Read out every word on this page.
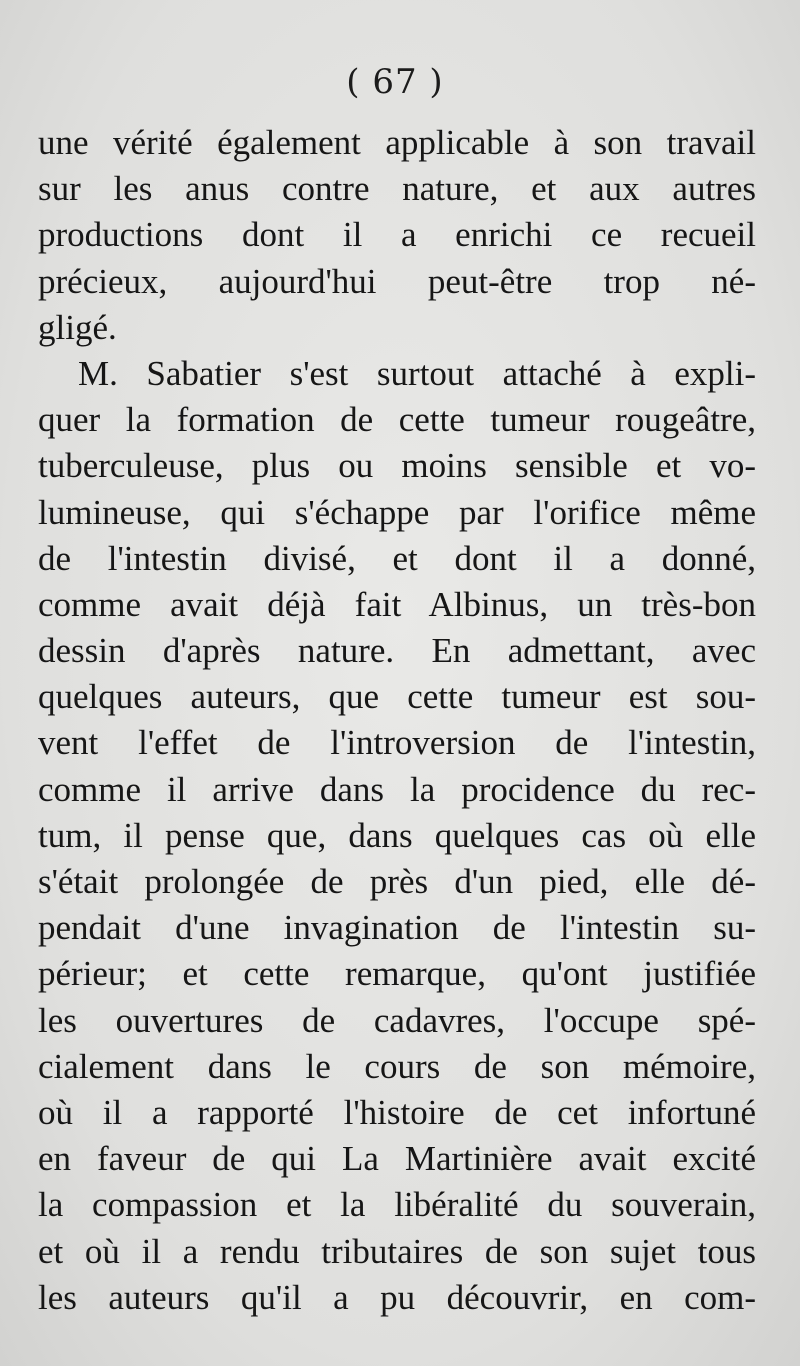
( 67 )
une vérité également applicable à son travail
sur les anus contre nature, et aux autres
productions dont il a enrichi ce recueil
précieux, aujourd'hui peut-être trop né-
gligé.
M. Sabatier s'est surtout attaché à expli-
quer la formation de cette tumeur rougeâtre,
tuberculeuse, plus ou moins sensible et vo-
lumineuse, qui s'échappe par l'orifice même
de l'intestin divisé, et dont il a donné,
comme avait déjà fait Albinus, un très-bon
dessin d'après nature. En admettant, avec
quelques auteurs, que cette tumeur est sou-
vent l'effet de l'introversion de l'intestin,
comme il arrive dans la procidence du rec-
tum, il pense que, dans quelques cas où elle
s'était prolongée de près d'un pied, elle dé-
pendait d'une invagination de l'intestin su-
périeur; et cette remarque, qu'ont justifiée
les ouvertures de cadavres, l'occupe spé-
cialement dans le cours de son mémoire,
où il a rapporté l'histoire de cet infortuné
en faveur de qui La Martinière avait excité
la compassion et la libéralité du souverain,
et où il a rendu tributaires de son sujet tous
les auteurs qu'il a pu découvrir, en com-
